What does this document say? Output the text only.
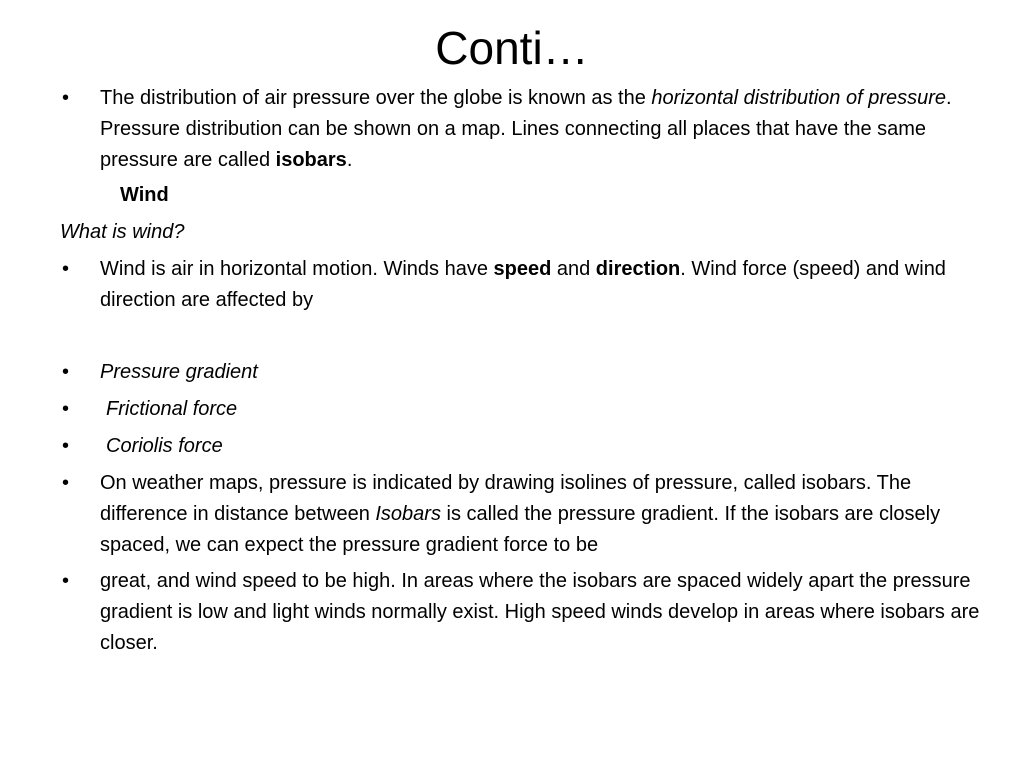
Conti…
•	The distribution of air pressure over the globe is known as the horizontal distribution of pressure. Pressure distribution can be shown on a map. Lines connecting all places that have the same pressure are called isobars.
Wind
What is wind?
•	Wind is air in horizontal motion. Winds have speed and direction. Wind force (speed) and wind direction are affected by
•	Pressure gradient
•	Frictional force
•	Coriolis force
•	On weather maps, pressure is indicated by drawing isolines of pressure, called isobars. The difference in distance between Isobars is called the pressure gradient. If the isobars are closely spaced, we can expect the pressure gradient force to be
•	great, and wind speed to be high. In areas where the isobars are spaced widely apart the pressure gradient is low and light winds normally exist. High speed winds develop in areas where isobars are closer.
